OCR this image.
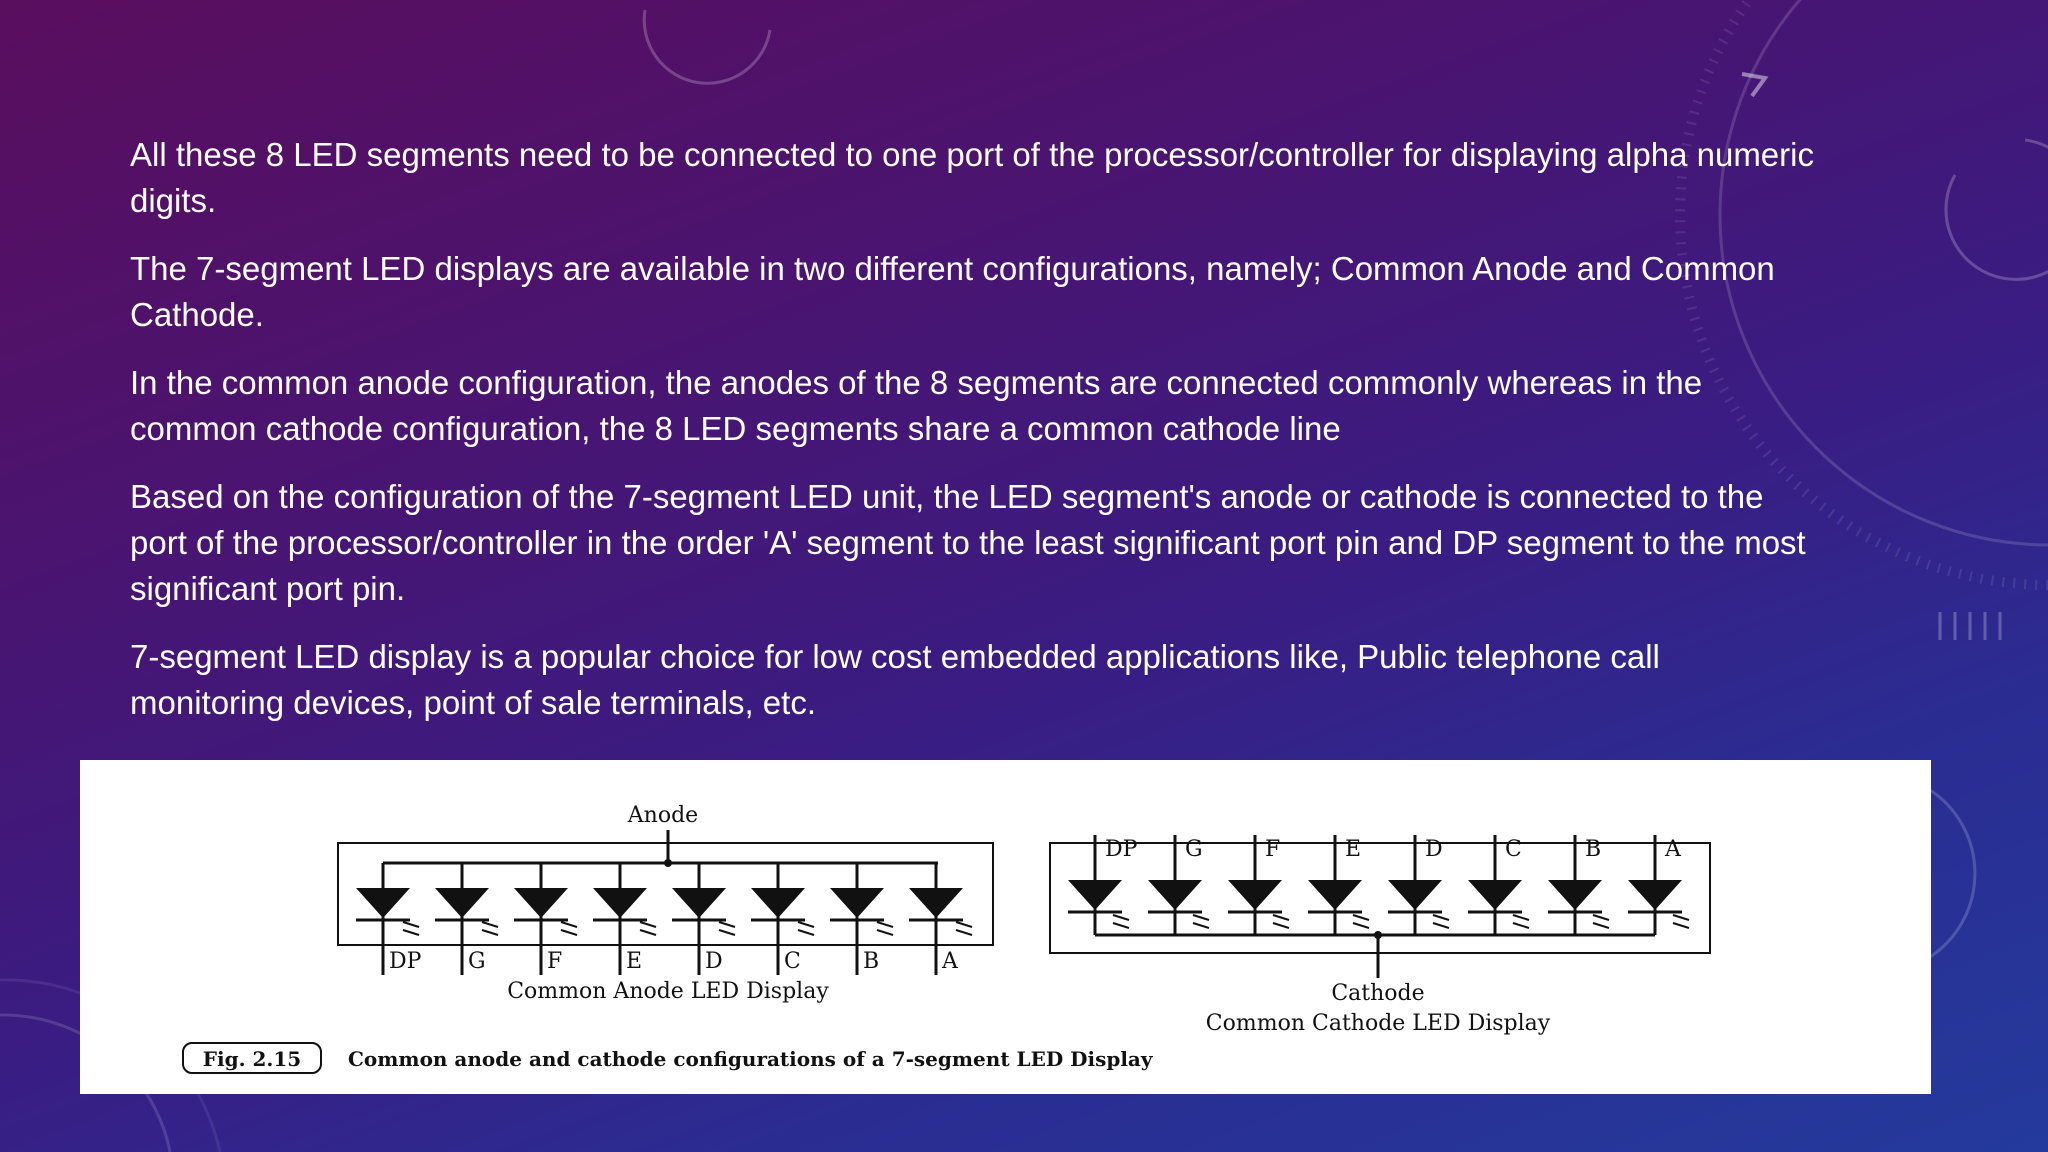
All these 8 LED segments need to be connected to one port of the processor/controller for displaying alpha numeric digits.

The 7-segment LED displays are available in two different configurations, namely; Common Anode and Common Cathode.

In the common anode configuration, the anodes of the 8 segments are connected commonly whereas in the common cathode configuration, the 8 LED segments share a common cathode line

Based on the configuration of the 7-segment LED unit, the LED segment's anode or cathode is connected to the port of the processor/controller in the order 'A' segment to the least significant port pin and DP segment to the most significant port pin.

7-segment LED display is a popular choice for low cost embedded applications like, Public telephone call monitoring devices, point of sale terminals, etc.

Anode
DP G	F	E	D	C	B	A
Common Anode LED Display
DP G	F	E	D	C	B	A
Cathode
Common Cathode LED Display
Fig. 2.15 Common anode and cathode configurations of a 7-segment LED Display
